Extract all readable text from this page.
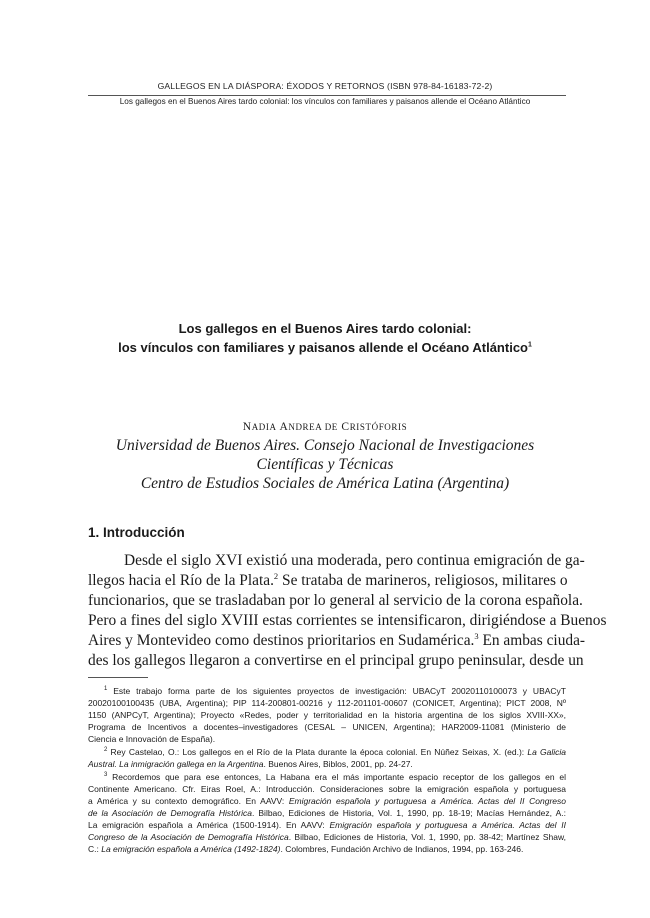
GALLEGOS EN LA DIÁSPORA: ÉXODOS Y RETORNOS (ISBN 978-84-16183-72-2)
Los gallegos en el Buenos Aires tardo colonial: los vínculos con familiares y paisanos allende el Océano Atlántico
Los gallegos en el Buenos Aires tardo colonial:
los vínculos con familiares y paisanos allende el Océano Atlántico$^1$
NADIA ANDREA DE CRISTÓFORIS
Universidad de Buenos Aires. Consejo Nacional de Investigaciones
Científicas y Técnicas
Centro de Estudios Sociales de América Latina (Argentina)
1. Introducción
Desde el siglo XVI existió una moderada, pero continua emigración de ga-
llegos hacia el Río de la Plata.$^2$ Se trataba de marineros, religiosos, militares o
funcionarios, que se trasladaban por lo general al servicio de la corona española.
Pero a fines del siglo XVIII estas corrientes se intensificaron, dirigiéndose a Buenos
Aires y Montevideo como destinos prioritarios en Sudamérica.$^3$ En ambas ciuda-
des los gallegos llegaron a convertirse en el principal grupo peninsular, desde un
$^1$ Este trabajo forma parte de los siguientes proyectos de investigación: UBACyT 20020110100073 y UBACyT
20020100100435 (UBA, Argentina); PIP 114-200801-00216 y 112-201101-00607 (CONICET, Argentina); PICT 2008, Nº
1150 (ANPCyT, Argentina); Proyecto «Redes, poder y territorialidad en la historia argentina de los siglos XVIII-XX»,
Programa de Incentivos a docentes–investigadores (CESAL – UNICEN, Argentina); HAR2009-11081 (Ministerio de
Ciencia e Innovación de España).
$^2$ Rey Castelao, O.: Los gallegos en el Río de la Plata durante la época colonial. En Núñez Seixas, X. (ed.): La Galicia
Austral. La inmigración gallega en la Argentina. Buenos Aires, Biblos, 2001, pp. 24-27.
$^3$ Recordemos que para ese entonces, La Habana era el más importante espacio receptor de los gallegos en el
Continente Americano. Cfr. Eiras Roel, A.: Introducción. Consideraciones sobre la emigración española y portuguesa
a América y su contexto demográfico. En AAVV: Emigración española y portuguesa a América. Actas del II Congreso
de la Asociación de Demografía Histórica. Bilbao, Ediciones de Historia, Vol. 1, 1990, pp. 18-19; Macías Hernández, A.:
La emigración española a América (1500-1914). En AAVV: Emigración española y portuguesa a América. Actas del II
Congreso de la Asociación de Demografía Histórica. Bilbao, Ediciones de Historia, Vol. 1, 1990, pp. 38-42; Martínez Shaw,
C.: La emigración española a América (1492-1824). Colombres, Fundación Archivo de Indianos, 1994, pp. 163-246.
